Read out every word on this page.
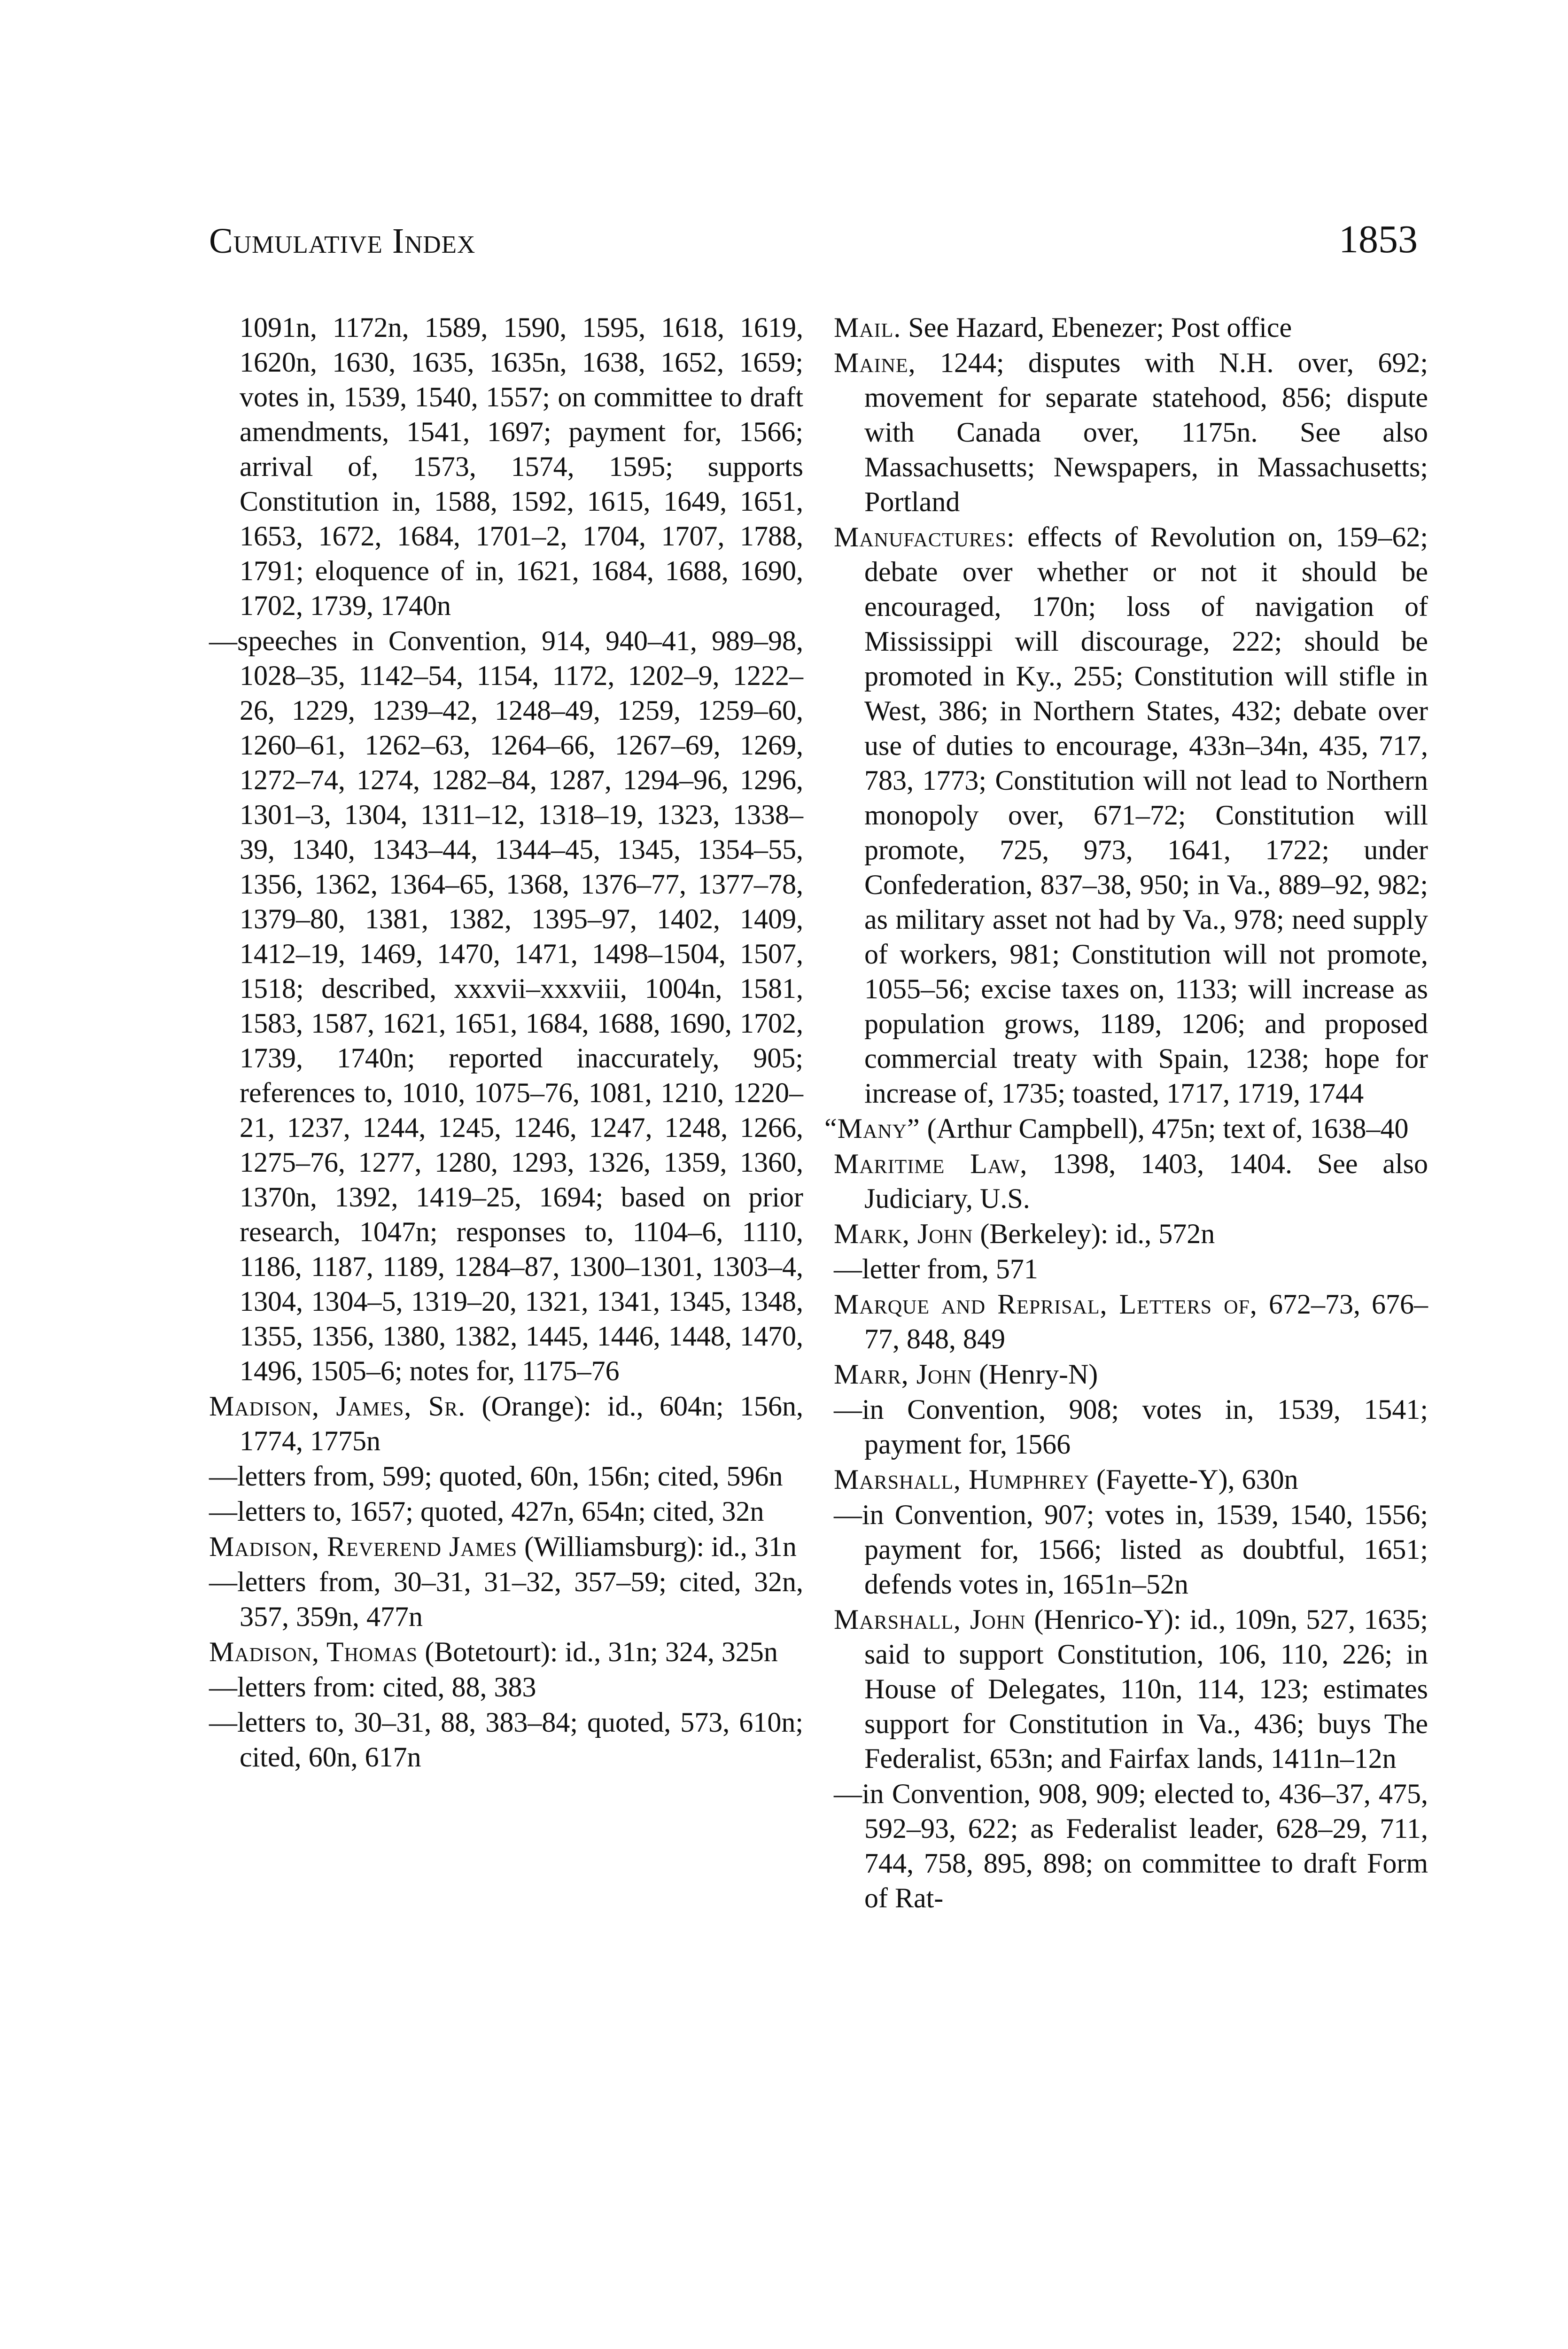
Cumulative Index	1853

1091n, 1172n, 1589, 1590, 1595, 1618, 1619, 1620n, 1630, 1635, 1635n, 1638, 1652, 1659; votes in, 1539, 1540, 1557; on committee to draft amendments, 1541, 1697; payment for, 1566; arrival of, 1573, 1574, 1595; supports Constitution in, 1588, 1592, 1615, 1649, 1651, 1653, 1672, 1684, 1701–2, 1704, 1707, 1788, 1791; eloquence of in, 1621, 1684, 1688, 1690, 1702, 1739, 1740n

—speeches in Convention, 914, 940–41, 989–98, 1028–35, 1142–54, 1154, 1172, 1202–9, 1222–26, 1229, 1239–42, 1248–49, 1259, 1259–60, 1260–61, 1262–63, 1264–66, 1267–69, 1269, 1272–74, 1274, 1282–84, 1287, 1294–96, 1296, 1301–3, 1304, 1311–12, 1318–19, 1323, 1338–39, 1340, 1343–44, 1344–45, 1345, 1354–55, 1356, 1362, 1364–65, 1368, 1376–77, 1377–78, 1379–80, 1381, 1382, 1395–97, 1402, 1409, 1412–19, 1469, 1470, 1471, 1498–1504, 1507, 1518; described, xxxvii–xxxviii, 1004n, 1581, 1583, 1587, 1621, 1651, 1684, 1688, 1690, 1702, 1739, 1740n; reported inaccurately, 905; references to, 1010, 1075–76, 1081, 1210, 1220–21, 1237, 1244, 1245, 1246, 1247, 1248, 1266, 1275–76, 1277, 1280, 1293, 1326, 1359, 1360, 1370n, 1392, 1419–25, 1694; based on prior research, 1047n; responses to, 1104–6, 1110, 1186, 1187, 1189, 1284–87, 1300–1301, 1303–4, 1304, 1304–5, 1319–20, 1321, 1341, 1345, 1348, 1355, 1356, 1380, 1382, 1445, 1446, 1448, 1470, 1496, 1505–6; notes for, 1175–76

Madison, James, Sr. (Orange): id., 604n; 156n, 1774, 1775n

—letters from, 599; quoted, 60n, 156n; cited, 596n

—letters to, 1657; quoted, 427n, 654n; cited, 32n

Madison, Reverend James (Williamsburg): id., 31n

—letters from, 30–31, 31–32, 357–59; cited, 32n, 357, 359n, 477n

Madison, Thomas (Botetourt): id., 31n; 324, 325n

—letters from: cited, 88, 383

—letters to, 30–31, 88, 383–84; quoted, 573, 610n; cited, 60n, 617n

Mail. See Hazard, Ebenezer; Post office

Maine, 1244; disputes with N.H. over, 692; movement for separate statehood, 856; dispute with Canada over, 1175n. See also Massachusetts; Newspapers, in Massachusetts; Portland

Manufactures: effects of Revolution on, 159–62; debate over whether or not it should be encouraged, 170n; loss of navigation of Mississippi will discourage, 222; should be promoted in Ky., 255; Constitution will stifle in West, 386; in Northern States, 432; debate over use of duties to encourage, 433n–34n, 435, 717, 783, 1773; Constitution will not lead to Northern monopoly over, 671–72; Constitution will promote, 725, 973, 1641, 1722; under Confederation, 837–38, 950; in Va., 889–92, 982; as military asset not had by Va., 978; need supply of workers, 981; Constitution will not promote, 1055–56; excise taxes on, 1133; will increase as population grows, 1189, 1206; and proposed commercial treaty with Spain, 1238; hope for increase of, 1735; toasted, 1717, 1719, 1744

“Many” (Arthur Campbell), 475n; text of, 1638–40

Maritime Law, 1398, 1403, 1404. See also Judiciary, U.S.

Mark, John (Berkeley): id., 572n

—letter from, 571

Marque and Reprisal, Letters of, 672–73, 676–77, 848, 849

Marr, John (Henry-N)

—in Convention, 908; votes in, 1539, 1541; payment for, 1566

Marshall, Humphrey (Fayette-Y), 630n

—in Convention, 907; votes in, 1539, 1540, 1556; payment for, 1566; listed as doubtful, 1651; defends votes in, 1651n–52n

Marshall, John (Henrico-Y): id., 109n, 527, 1635; said to support Constitution, 106, 110, 226; in House of Delegates, 110n, 114, 123; estimates support for Constitution in Va., 436; buys The Federalist, 653n; and Fairfax lands, 1411n–12n

—in Convention, 908, 909; elected to, 436–37, 475, 592–93, 622; as Federalist leader, 628–29, 711, 744, 758, 895, 898; on committee to draft Form of Rat-
